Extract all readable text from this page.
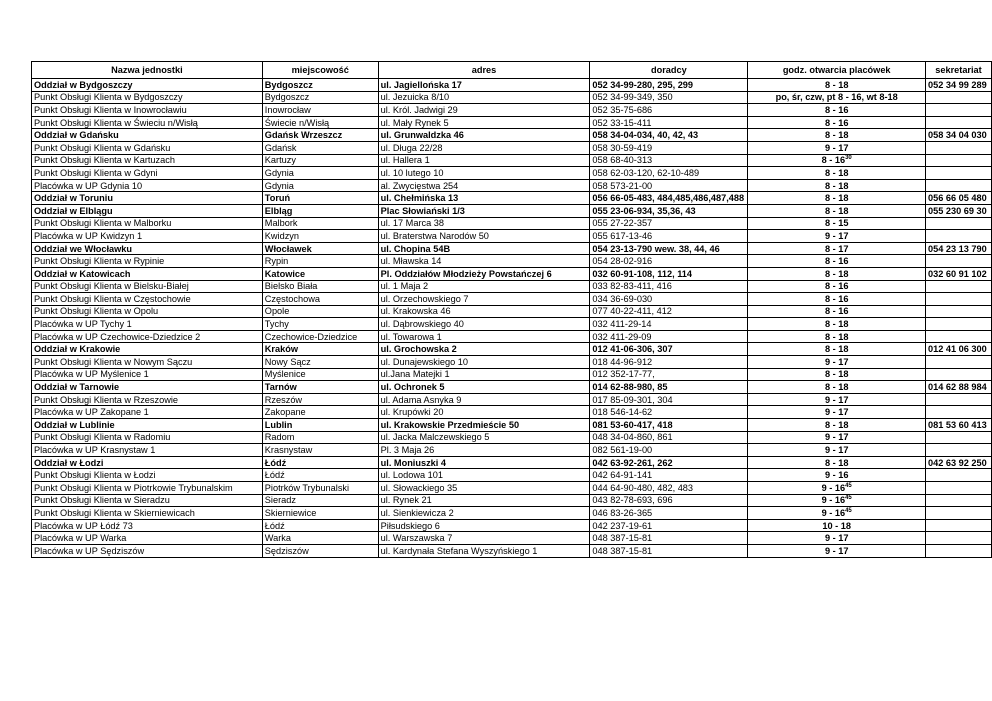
Nazwa jednostki	miejscowość	adres	doradcy	godz. otwarcia placówek	sekretariat
Oddział w Bydgoszczy	Bydgoszcz	ul. Jagiellońska 17	052 34-99-280, 295, 299	8 - 18	052 34 99 289
Punkt Obsługi Klienta w Bydgoszczy	Bydgoszcz	ul. Jezuicka 8/10	052 34-99-349, 350	po, śr, czw, pt 8 - 16, wt 8-18	
Punkt Obsługi Klienta w Inowrocławiu	Inowrocław	ul. Król. Jadwigi 29	052 35-75-686	8 - 16	
Punkt Obsługi Klienta w Świeciu n/Wisłą	Świecie n/Wisłą	ul. Mały Rynek 5	052 33-15-411	8 - 16	
Oddział w Gdańsku	Gdańsk Wrzeszcz	ul. Grunwaldzka 46	058 34-04-034, 40, 42, 43	8 - 18	058 34 04 030
Punkt Obsługi Klienta w Gdańsku	Gdańsk	ul. Długa 22/28	058 30-59-419	9 - 17	
Punkt Obsługi Klienta w Kartuzach	Kartuzy	ul. Hallera 1	058 68-40-313	$8 - 16^{30}$	
Punkt Obsługi Klienta w Gdyni	Gdynia	ul. 10 lutego 10	058 62-03-120, 62-10-489	8 - 18	
Placówka w UP Gdynia 10	Gdynia	al. Zwycięstwa 254	058 573-21-00	8 - 18	
Oddział w Toruniu	Toruń	ul. Chełmińska 13	056 66-05-483, 484,485,486,487,488	8 - 18	056 66 05 480
Oddział w Elblągu	Elbląg	Plac Słowiański 1/3	055 23-06-934, 35,36, 43	8 - 18	055 230 69 30
Punkt Obsługi Klienta w Malborku	Malbork	ul. 17 Marca 38	055 27-22-357	8 - 15	
Placówka w UP Kwidzyn 1	Kwidzyn	ul. Braterstwa Narodów 50	055 617-13-46	9 - 17	
Oddział we Włocławku	Włocławek	ul. Chopina 54B	054 23-13-790 wew. 38, 44, 46	8 - 17	054 23 13 790
Punkt Obsługi Klienta w Rypinie	Rypin	ul. Mławska 14	054 28-02-916	8 - 16	
Oddział w Katowicach	Katowice	Pl. Oddziałów Młodzieży Powstańczej 6	032 60-91-108, 112, 114	8 - 18	032 60 91 102
Punkt Obsługi Klienta w Bielsku-Białej	Bielsko Biała	ul. 1 Maja 2	033 82-83-411, 416	8 - 16	
Punkt Obsługi Klienta w Częstochowie	Częstochowa	ul. Orzechowskiego 7	034 36-69-030	8 - 16	
Punkt Obsługi Klienta w Opolu	Opole	ul. Krakowska 46	077 40-22-411, 412	8 - 16	
Placówka w UP Tychy 1	Tychy	ul. Dąbrowskiego 40	032 411-29-14	8 - 18	
Placówka w UP Czechowice-Dziedzice 2	Czechowice-Dziedzice	ul. Towarowa 1	032 411-29-09	8 - 18	
Oddział w Krakowie	Kraków	ul. Grochowska 2	012 41-06-306, 307	8 - 18	012 41 06 300
Punkt Obsługi Klienta w Nowym Sączu	Nowy Sącz	ul. Dunajewskiego 10	018 44-96-912	9 - 17	
Placówka w UP Myślenice 1	Myślenice	ul.Jana Matejki 1	012 352-17-77,	8 - 18	
Oddział w Tarnowie	Tarnów	ul. Ochronek 5	014 62-88-980, 85	8 - 18	014 62 88 984
Punkt Obsługi Klienta w Rzeszowie	Rzeszów	ul. Adama Asnyka 9	017 85-09-301, 304	9 - 17	
Placówka w UP Zakopane 1	Zakopane	ul. Krupówki 20	018 546-14-62	9 - 17	
Oddział w Lublinie	Lublin	ul. Krakowskie Przedmieście 50	081 53-60-417, 418	8 - 18	081 53 60 413
Punkt Obsługi Klienta w Radomiu	Radom	ul. Jacka Malczewskiego 5	048 34-04-860, 861	9 - 17	
Placówka w UP Krasnystaw 1	Krasnystaw	Pl. 3 Maja 26	082 561-19-00	9 - 17	
Oddział w Łodzi	Łódź	ul. Moniuszki 4	042 63-92-261, 262	8 - 18	042 63 92 250
Punkt Obsługi Klienta w Łodzi	Łódź	ul. Lodowa 101	042 64-91-141	9 - 16	
Punkt Obsługi Klienta w Piotrkowie Trybunalskim	Piotrków Trybunalski	ul. Słowackiego 35	044 64-90-480, 482, 483	$9 - 16^{45}$	
Punkt Obsługi Klienta w Sieradzu	Sieradz	ul. Rynek 21	043 82-78-693, 696	$9 - 16^{45}$	
Punkt Obsługi Klienta w Skierniewicach	Skierniewice	ul. Sienkiewicza 2	046 83-26-365	$9 - 16^{45}$	
Placówka w UP Łódź 73	Łódź	Piłsudskiego 6	042 237-19-61	10 - 18	
Placówka w UP Warka	Warka	ul. Warszawska 7	048 387-15-81	9 - 17	
Placówka w UP Sędziszów	Sędziszów	ul. Kardynała Stefana Wyszyńskiego 1	048 387-15-81	9 - 17	
